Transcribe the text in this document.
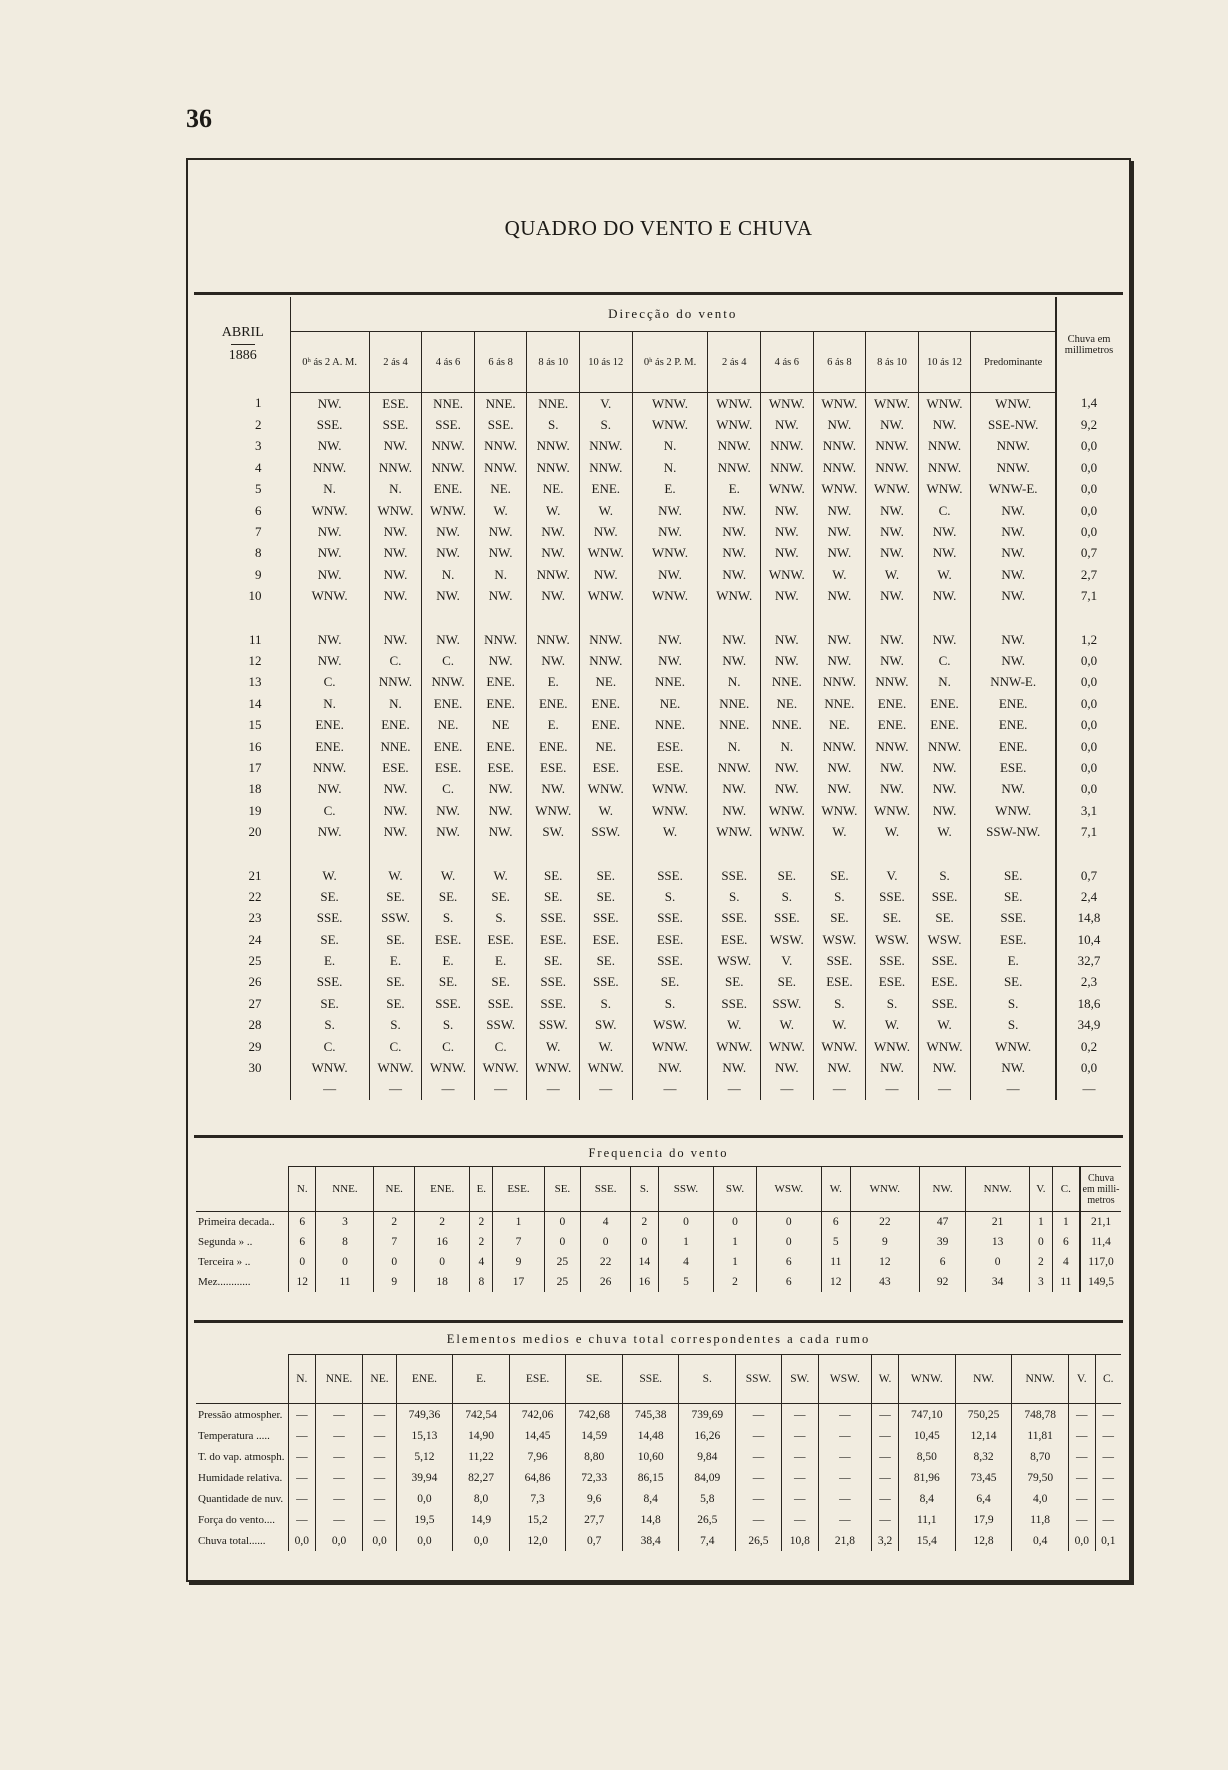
36
QUADRO DO VENTO E CHUVA
ABRIL
1886	Direcção do vento													Chuva em millimetros
	0ʰ ás 2 A. M.	2 ás 4	4 ás 6	6 ás 8	8 ás 10	10 ás 12	0ʰ ás 2 P. M.	2 ás 4	4 ás 6	6 ás 8	8 ás 10	10 ás 12	Predominante	
1	NW.	ESE.	NNE.	NNE.	NNE.	V.	WNW.	WNW.	WNW.	WNW.	WNW.	WNW.	WNW.	1,4
2	SSE.	SSE.	SSE.	SSE.	S.	S.	WNW.	WNW.	NW.	NW.	NW.	NW.	SSE-NW.	9,2
3	NW.	NW.	NNW.	NNW.	NNW.	NNW.	N.	NNW.	NNW.	NNW.	NNW.	NNW.	NNW.	0,0
4	NNW.	NNW.	NNW.	NNW.	NNW.	NNW.	N.	NNW.	NNW.	NNW.	NNW.	NNW.	NNW.	0,0
5	N.	N.	ENE.	NE.	NE.	ENE.	E.	E.	WNW.	WNW.	WNW.	WNW.	WNW-E.	0,0
6	WNW.	WNW.	WNW.	W.	W.	W.	NW.	NW.	NW.	NW.	NW.	C.	NW.	0,0
7	NW.	NW.	NW.	NW.	NW.	NW.	NW.	NW.	NW.	NW.	NW.	NW.	NW.	0,0
8	NW.	NW.	NW.	NW.	NW.	WNW.	WNW.	NW.	NW.	NW.	NW.	NW.	NW.	0,7
9	NW.	NW.	N.	N.	NNW.	NW.	NW.	NW.	WNW.	W.	W.	W.	NW.	2,7
10	WNW.	NW.	NW.	NW.	NW.	WNW.	WNW.	WNW.	NW.	NW.	NW.	NW.	NW.	7,1

11	NW.	NW.	NW.	NNW.	NNW.	NNW.	NW.	NW.	NW.	NW.	NW.	NW.	NW.	1,2
12	NW.	C.	C.	NW.	NW.	NNW.	NW.	NW.	NW.	NW.	NW.	C.	NW.	0,0
13	C.	NNW.	NNW.	ENE.	E.	NE.	NNE.	N.	NNE.	NNW.	NNW.	N.	NNW-E.	0,0
14	N.	N.	ENE.	ENE.	ENE.	ENE.	NE.	NNE.	NE.	NNE.	ENE.	ENE.	ENE.	0,0
15	ENE.	ENE.	NE.	NE	E.	ENE.	NNE.	NNE.	NNE.	NE.	ENE.	ENE.	ENE.	0,0
16	ENE.	NNE.	ENE.	ENE.	ENE.	NE.	ESE.	N.	N.	NNW.	NNW.	NNW.	ENE.	0,0
17	NNW.	ESE.	ESE.	ESE.	ESE.	ESE.	ESE.	NNW.	NW.	NW.	NW.	NW.	ESE.	0,0
18	NW.	NW.	C.	NW.	NW.	WNW.	WNW.	NW.	NW.	NW.	NW.	NW.	NW.	0,0
19	C.	NW.	NW.	NW.	WNW.	W.	WNW.	NW.	WNW.	WNW.	WNW.	NW.	WNW.	3,1
20	NW.	NW.	NW.	NW.	SW.	SSW.	W.	WNW.	WNW.	W.	W.	W.	SSW-NW.	7,1

21	W.	W.	W.	W.	SE.	SE.	SSE.	SSE.	SE.	SE.	V.	S.	SE.	0,7
22	SE.	SE.	SE.	SE.	SE.	SE.	S.	S.	S.	S.	SSE.	SSE.	SE.	2,4
23	SSE.	SSW.	S.	S.	SSE.	SSE.	SSE.	SSE.	SSE.	SE.	SE.	SE.	SSE.	14,8
24	SE.	SE.	ESE.	ESE.	ESE.	ESE.	ESE.	ESE.	WSW.	WSW.	WSW.	WSW.	ESE.	10,4
25	E.	E.	E.	E.	SE.	SE.	SSE.	WSW.	V.	SSE.	SSE.	SSE.	E.	32,7
26	SSE.	SE.	SE.	SE.	SSE.	SSE.	SE.	SE.	SE.	ESE.	ESE.	ESE.	SE.	2,3
27	SE.	SE.	SSE.	SSE.	SSE.	S.	S.	SSE.	SSW.	S.	S.	SSE.	S.	18,6
28	S.	S.	S.	SSW.	SSW.	SW.	WSW.	W.	W.	W.	W.	W.	S.	34,9
29	C.	C.	C.	C.	W.	W.	WNW.	WNW.	WNW.	WNW.	WNW.	WNW.	WNW.	0,2
30	WNW.	WNW.	WNW.	WNW.	WNW.	WNW.	NW.	NW.	NW.	NW.	NW.	NW.	NW.	0,0
	—	—	—	—	—	—	—	—	—	—	—	—	—	—
Frequencia do vento
	N.	NNE.	NE.	ENE.	E.	ESE.	SE.	SSE.	S.	SSW.	SW.	WSW.	W.	WNW.	NW.	NNW.	V.	C.	Chuva em milli- metros
Primeira decada..	6	3	2	2	2	1	0	4	2	0	0	0	6	22	47	21	1	1	21,1
Segunda » ..	6	8	7	16	2	7	0	0	0	1	1	0	5	9	39	13	0	6	11,4
Terceira » ..	0	0	0	0	4	9	25	22	14	4	1	6	11	12	6	0	2	4	117,0
Mez............	12	11	9	18	8	17	25	26	16	5	2	6	12	43	92	34	3	11	149,5
Elementos medios e chuva total correspondentes a cada rumo
	N.	NNE.	NE.	ENE.	E.	ESE.	SE.	SSE.	S.	SSW.	SW.	WSW.	W.	WNW.	NW.	NNW.	V.	C.
Pressão atmospher.	—	—	—	749,36	742,54	742,06	742,68	745,38	739,69	—	—	—	—	747,10	750,25	748,78	—	—
Temperatura .....	—	—	—	15,13	14,90	14,45	14,59	14,48	16,26	—	—	—	—	10,45	12,14	11,81	—	—
T. do vap. atmosph.	—	—	—	5,12	11,22	7,96	8,80	10,60	9,84	—	—	—	—	8,50	8,32	8,70	—	—
Humidade relativa.	—	—	—	39,94	82,27	64,86	72,33	86,15	84,09	—	—	—	—	81,96	73,45	79,50	—	—
Quantidade de nuv.	—	—	—	0,0	8,0	7,3	9,6	8,4	5,8	—	—	—	—	8,4	6,4	4,0	—	—
Força do vento....	—	—	—	19,5	14,9	15,2	27,7	14,8	26,5	—	—	—	—	11,1	17,9	11,8	—	—
Chuva total......	0,0	0,0	0,0	0,0	0,0	12,0	0,7	38,4	7,4	26,5	10,8	21,8	3,2	15,4	12,8	0,4	0,0	0,1
